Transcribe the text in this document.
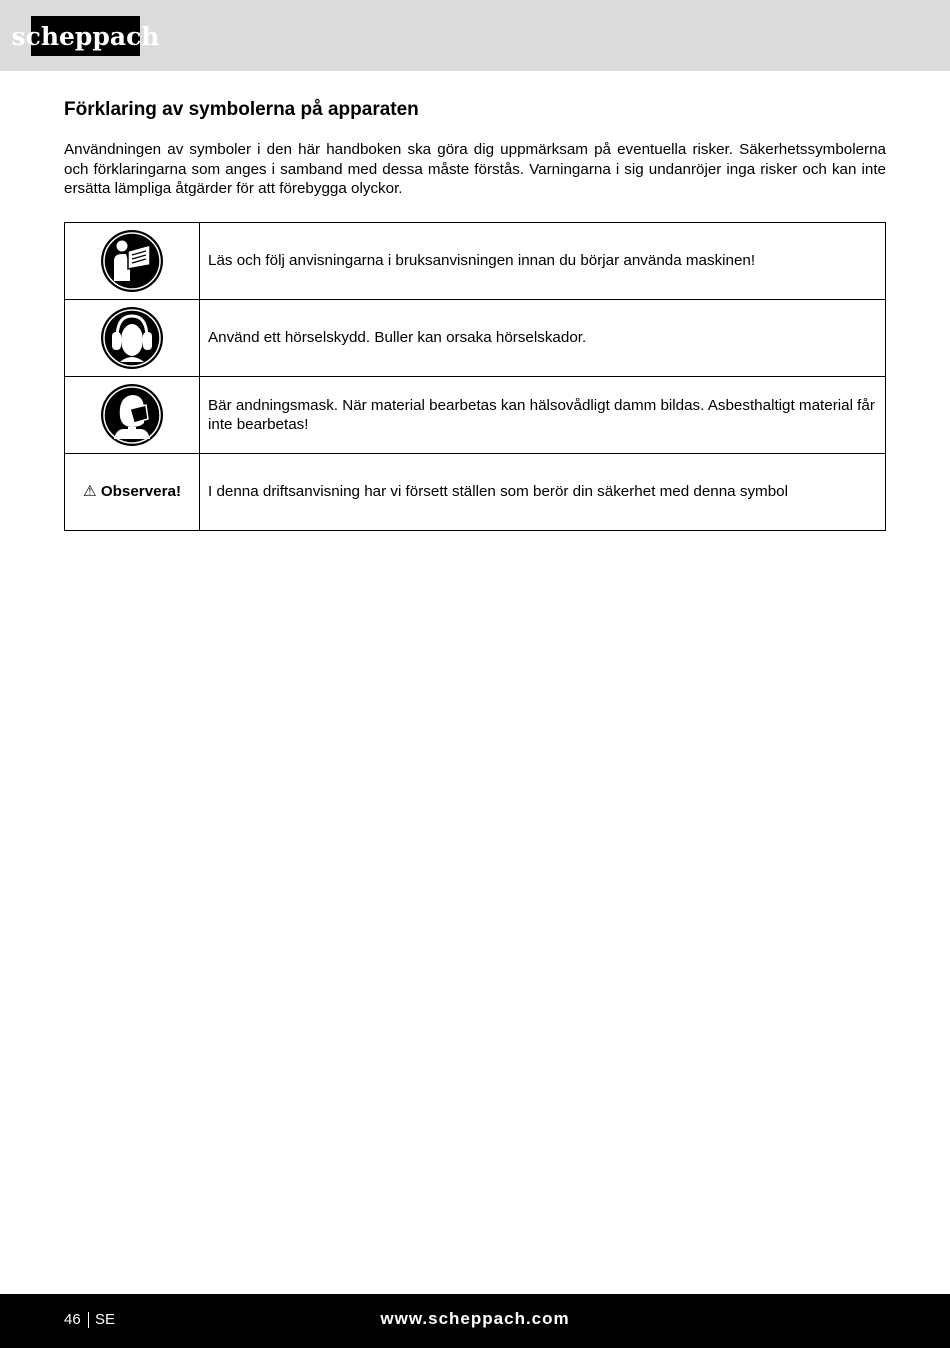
scheppach
Förklaring av symbolerna på apparaten

Användningen av symboler i den här handboken ska göra dig uppmärksam på eventuella risker. Säkerhetssymbolerna och förklaringarna som anges i samband med dessa måste förstås. Varningarna i sig undanröjer inga risker och kan inte ersätta lämpliga åtgärder för att förebygga olyckor.

	Läs och följ anvisningarna i bruksanvisningen innan du börjar använda maskinen!

	Använd ett hörselskydd. Buller kan orsaka hörselskador.

	Bär andningsmask. När material bearbetas kan hälsovådligt damm bildas. Asbesthaltigt material får inte bearbetas!
⚠ Observera!	I denna driftsanvisning har vi försett ställen som berör din säkerhet med denna symbol
46 SE	www.scheppach.com
